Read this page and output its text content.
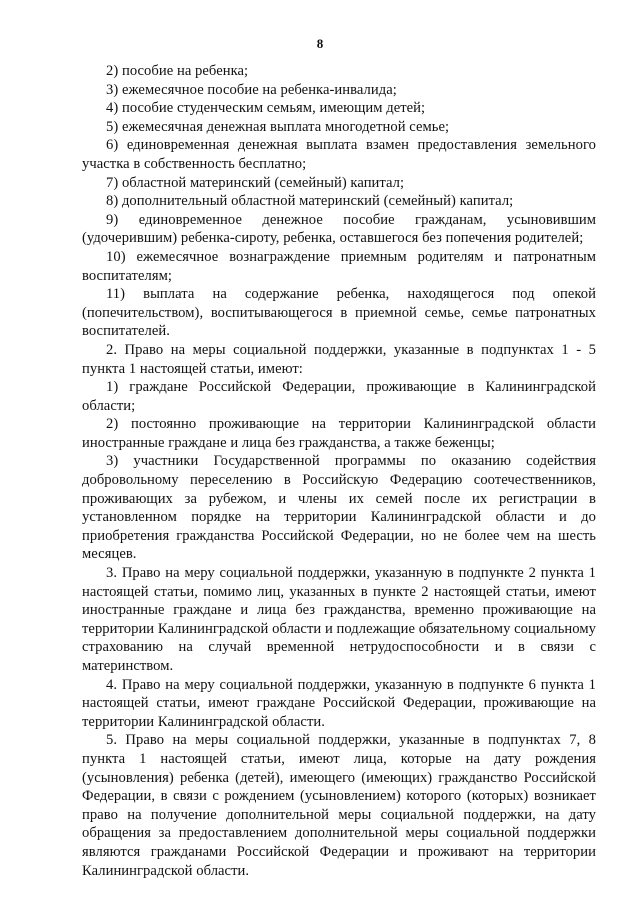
8

2) пособие на ребенка;

3) ежемесячное пособие на ребенка-инвалида;

4) пособие студенческим семьям, имеющим детей;

5) ежемесячная денежная выплата многодетной семье;

6) единовременная денежная выплата взамен предоставления земельного участка в собственность бесплатно;

7) областной материнский (семейный) капитал;

8) дополнительный областной материнский (семейный) капитал;

9) единовременное денежное пособие гражданам, усыновившим (удочерившим) ребенка-сироту, ребенка, оставшегося без попечения родителей;

10) ежемесячное вознаграждение приемным родителям и патронатным воспитателям;

11) выплата на содержание ребенка, находящегося под опекой (попечительством), воспитывающегося в приемной семье, семье патронатных воспитателей.

2. Право на меры социальной поддержки, указанные в подпунктах 1 - 5 пункта 1 настоящей статьи, имеют:

1) граждане Российской Федерации, проживающие в Калининградской области;

2) постоянно проживающие на территории Калининградской области иностранные граждане и лица без гражданства, а также беженцы;

3) участники Государственной программы по оказанию содействия добровольному переселению в Российскую Федерацию соотечественников, проживающих за рубежом, и члены их семей после их регистрации в установленном порядке на территории Калининградской области и до приобретения гражданства Российской Федерации, но не более чем на шесть месяцев.

3. Право на меру социальной поддержки, указанную в подпункте 2 пункта 1 настоящей статьи, помимо лиц, указанных в пункте 2 настоящей статьи, имеют иностранные граждане и лица без гражданства, временно проживающие на территории Калининградской области и подлежащие обязательному социальному страхованию на случай временной нетрудоспособности и в связи с материнством.

4. Право на меру социальной поддержки, указанную в подпункте 6 пункта 1 настоящей статьи, имеют граждане Российской Федерации, проживающие на территории Калининградской области.

5. Право на меры социальной поддержки, указанные в подпунктах 7, 8 пункта 1 настоящей статьи, имеют лица, которые на дату рождения (усыновления) ребенка (детей), имеющего (имеющих) гражданство Российской Федерации, в связи с рождением (усыновлением) которого (которых) возникает право на получение дополнительной меры социальной поддержки, на дату обращения за предоставлением дополнительной меры социальной поддержки являются гражданами Российской Федерации и проживают на территории Калининградской области.
